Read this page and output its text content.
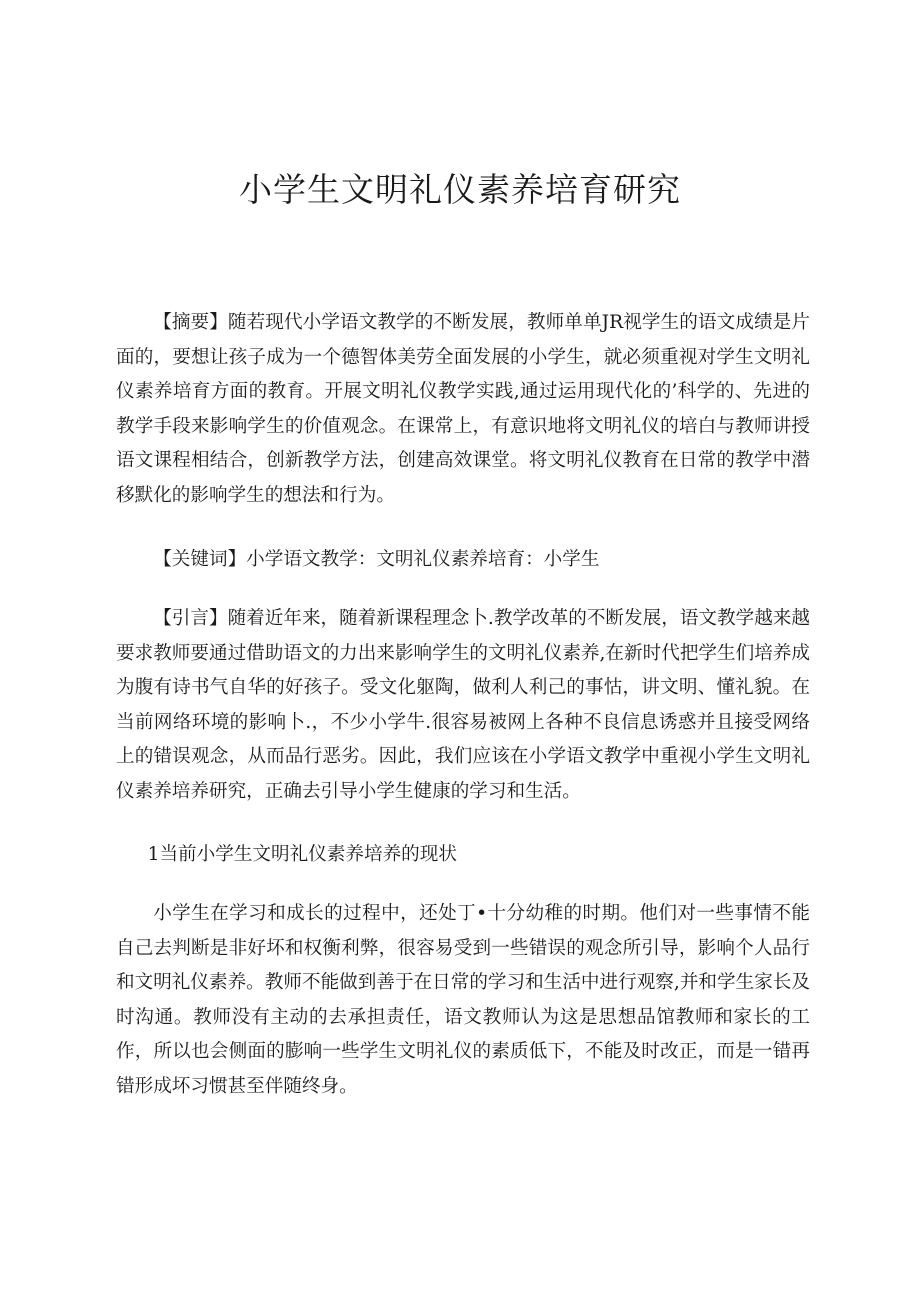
小学生文明礼仪素养培育研究

【摘要】随若现代小学语文教学的不断发展，教师单单JR视学生的语文成绩是片面的，要想让孩子成为一个德智体美劳全面发展的小学生，就必须重视对学生文明礼仪素养培育方面的教育。开展文明礼仪教学实践,通过运用现代化的’科学的、先进的教学手段来影响学生的价值观念。在课常上，有意识地将文明礼仪的培白与教师讲授语文课程相结合，创新教学方法，创建高效课堂。将文明礼仪教育在日常的教学中潜移默化的影响学生的想法和行为。

【关键词】小学语文教学：文明礼仪素养培育：小学生

【引言】随着近年来，随着新课程理念卜.教学改革的不断发展，语文教学越来越要求教师要通过借助语文的力出来影响学生的文明礼仪素养,在新时代把学生们培养成为腹有诗书气自华的好孩子。受文化躯陶，做利人利己的事怙，讲文明、懂礼貌。在当前网络环境的影响卜.，不少小学牛.很容易被网上各种不良信息诱惑并且接受网络上的错误观念，从而品行恶劣。因此，我们应该在小学语文教学中重视小学生文明礼仪素养培养研究，正确去引导小学生健康的学习和生活。

1当前小学生文明礼仪素养培养的现状

小学生在学习和成长的过程中，还处丁•十分幼稚的时期。他们对一些事情不能自己去判断是非好坏和权衡利弊，很容易受到一些错误的观念所引导，影响个人品行和文明礼仪素养。教师不能做到善于在日常的学习和生活中进行观察,并和学生家长及时沟通。教师没有主动的去承担责任，语文教师认为这是思想品馆教师和家长的工作，所以也会侧面的膨响一些学生文明礼仪的素质低下，不能及时改正，而是一错再错形成坏习惯甚至伴随终身。
